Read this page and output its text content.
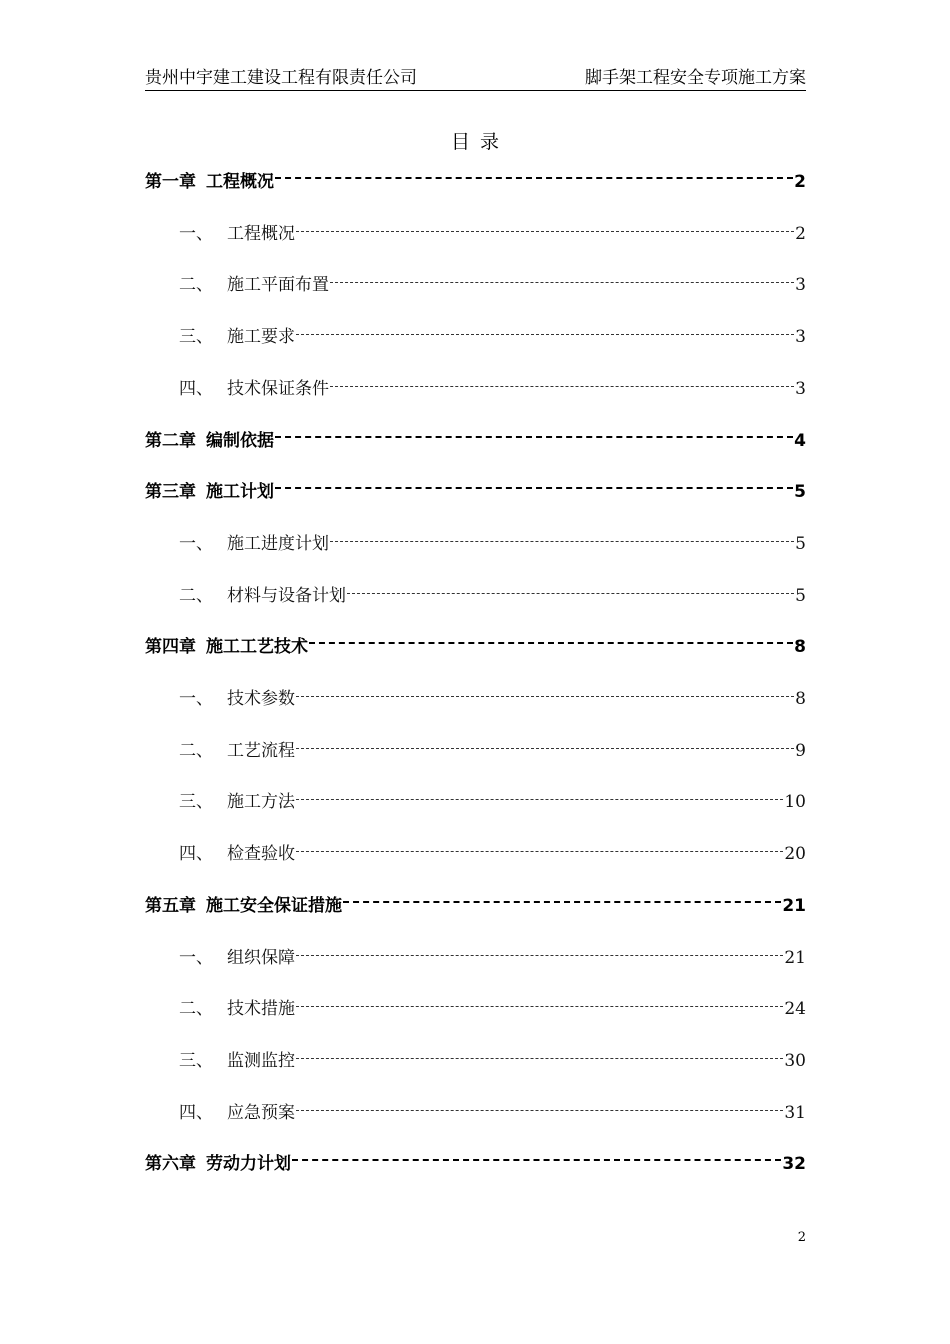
贵州中宇建工建设工程有限责任公司	脚手架工程安全专项施工方案
目录
第一章 工程概况	2
一、 工程概况	2
二、 施工平面布置	3
三、 施工要求	3
四、 技术保证条件	3
第二章 编制依据	4
第三章 施工计划	5
一、 施工进度计划	5
二、 材料与设备计划	5
第四章 施工工艺技术	8
一、 技术参数	8
二、 工艺流程	9
三、 施工方法	10
四、 检查验收	20
第五章 施工安全保证措施	21
一、 组织保障	21
二、 技术措施	24
三、 监测监控	30
四、 应急预案	31
第六章 劳动力计划	32
2
